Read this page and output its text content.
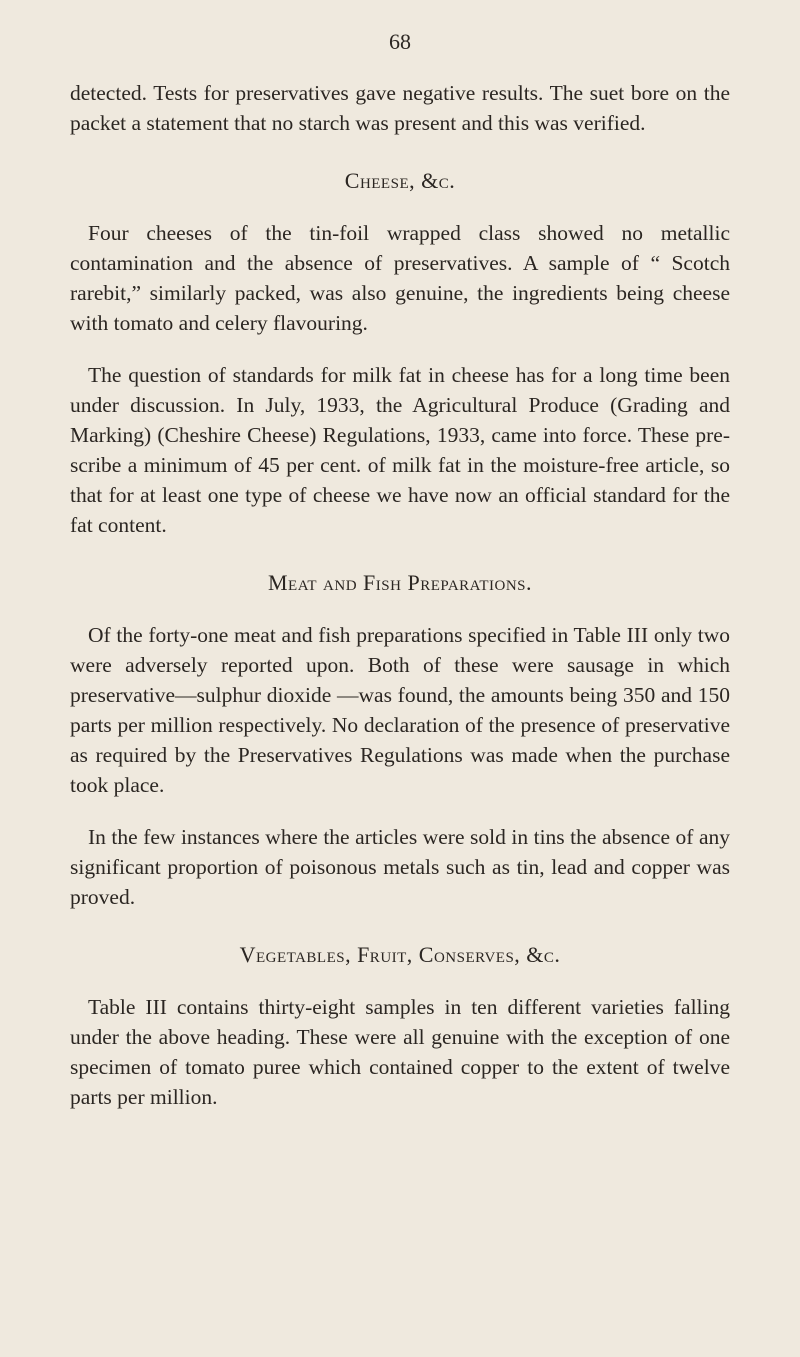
68

detected. Tests for preservatives gave negative results. The suet bore on the packet a statement that no starch was present and this was verified.

Cheese, &c.

Four cheeses of the tin-foil wrapped class showed no metallic contamination and the absence of preservatives. A sample of “ Scotch rarebit,” similarly packed, was also genuine, the ingredients being cheese with tomato and celery flavouring.

The question of standards for milk fat in cheese has for a long time been under discussion. In July, 1933, the Agricultural Produce (Grading and Marking) (Cheshire Cheese) Regulations, 1933, came into force. These pre-scribe a minimum of 45 per cent. of milk fat in the moisture-free article, so that for at least one type of cheese we have now an official standard for the fat content.

Meat and Fish Preparations.

Of the forty-one meat and fish preparations specified in Table III only two were adversely reported upon. Both of these were sausage in which preservative—sulphur dioxide —was found, the amounts being 350 and 150 parts per million respectively. No declaration of the presence of preservative as required by the Preservatives Regulations was made when the purchase took place.

In the few instances where the articles were sold in tins the absence of any significant proportion of poisonous metals such as tin, lead and copper was proved.

Vegetables, Fruit, Conserves, &c.

Table III contains thirty-eight samples in ten different varieties falling under the above heading. These were all genuine with the exception of one specimen of tomato puree which contained copper to the extent of twelve parts per million.
